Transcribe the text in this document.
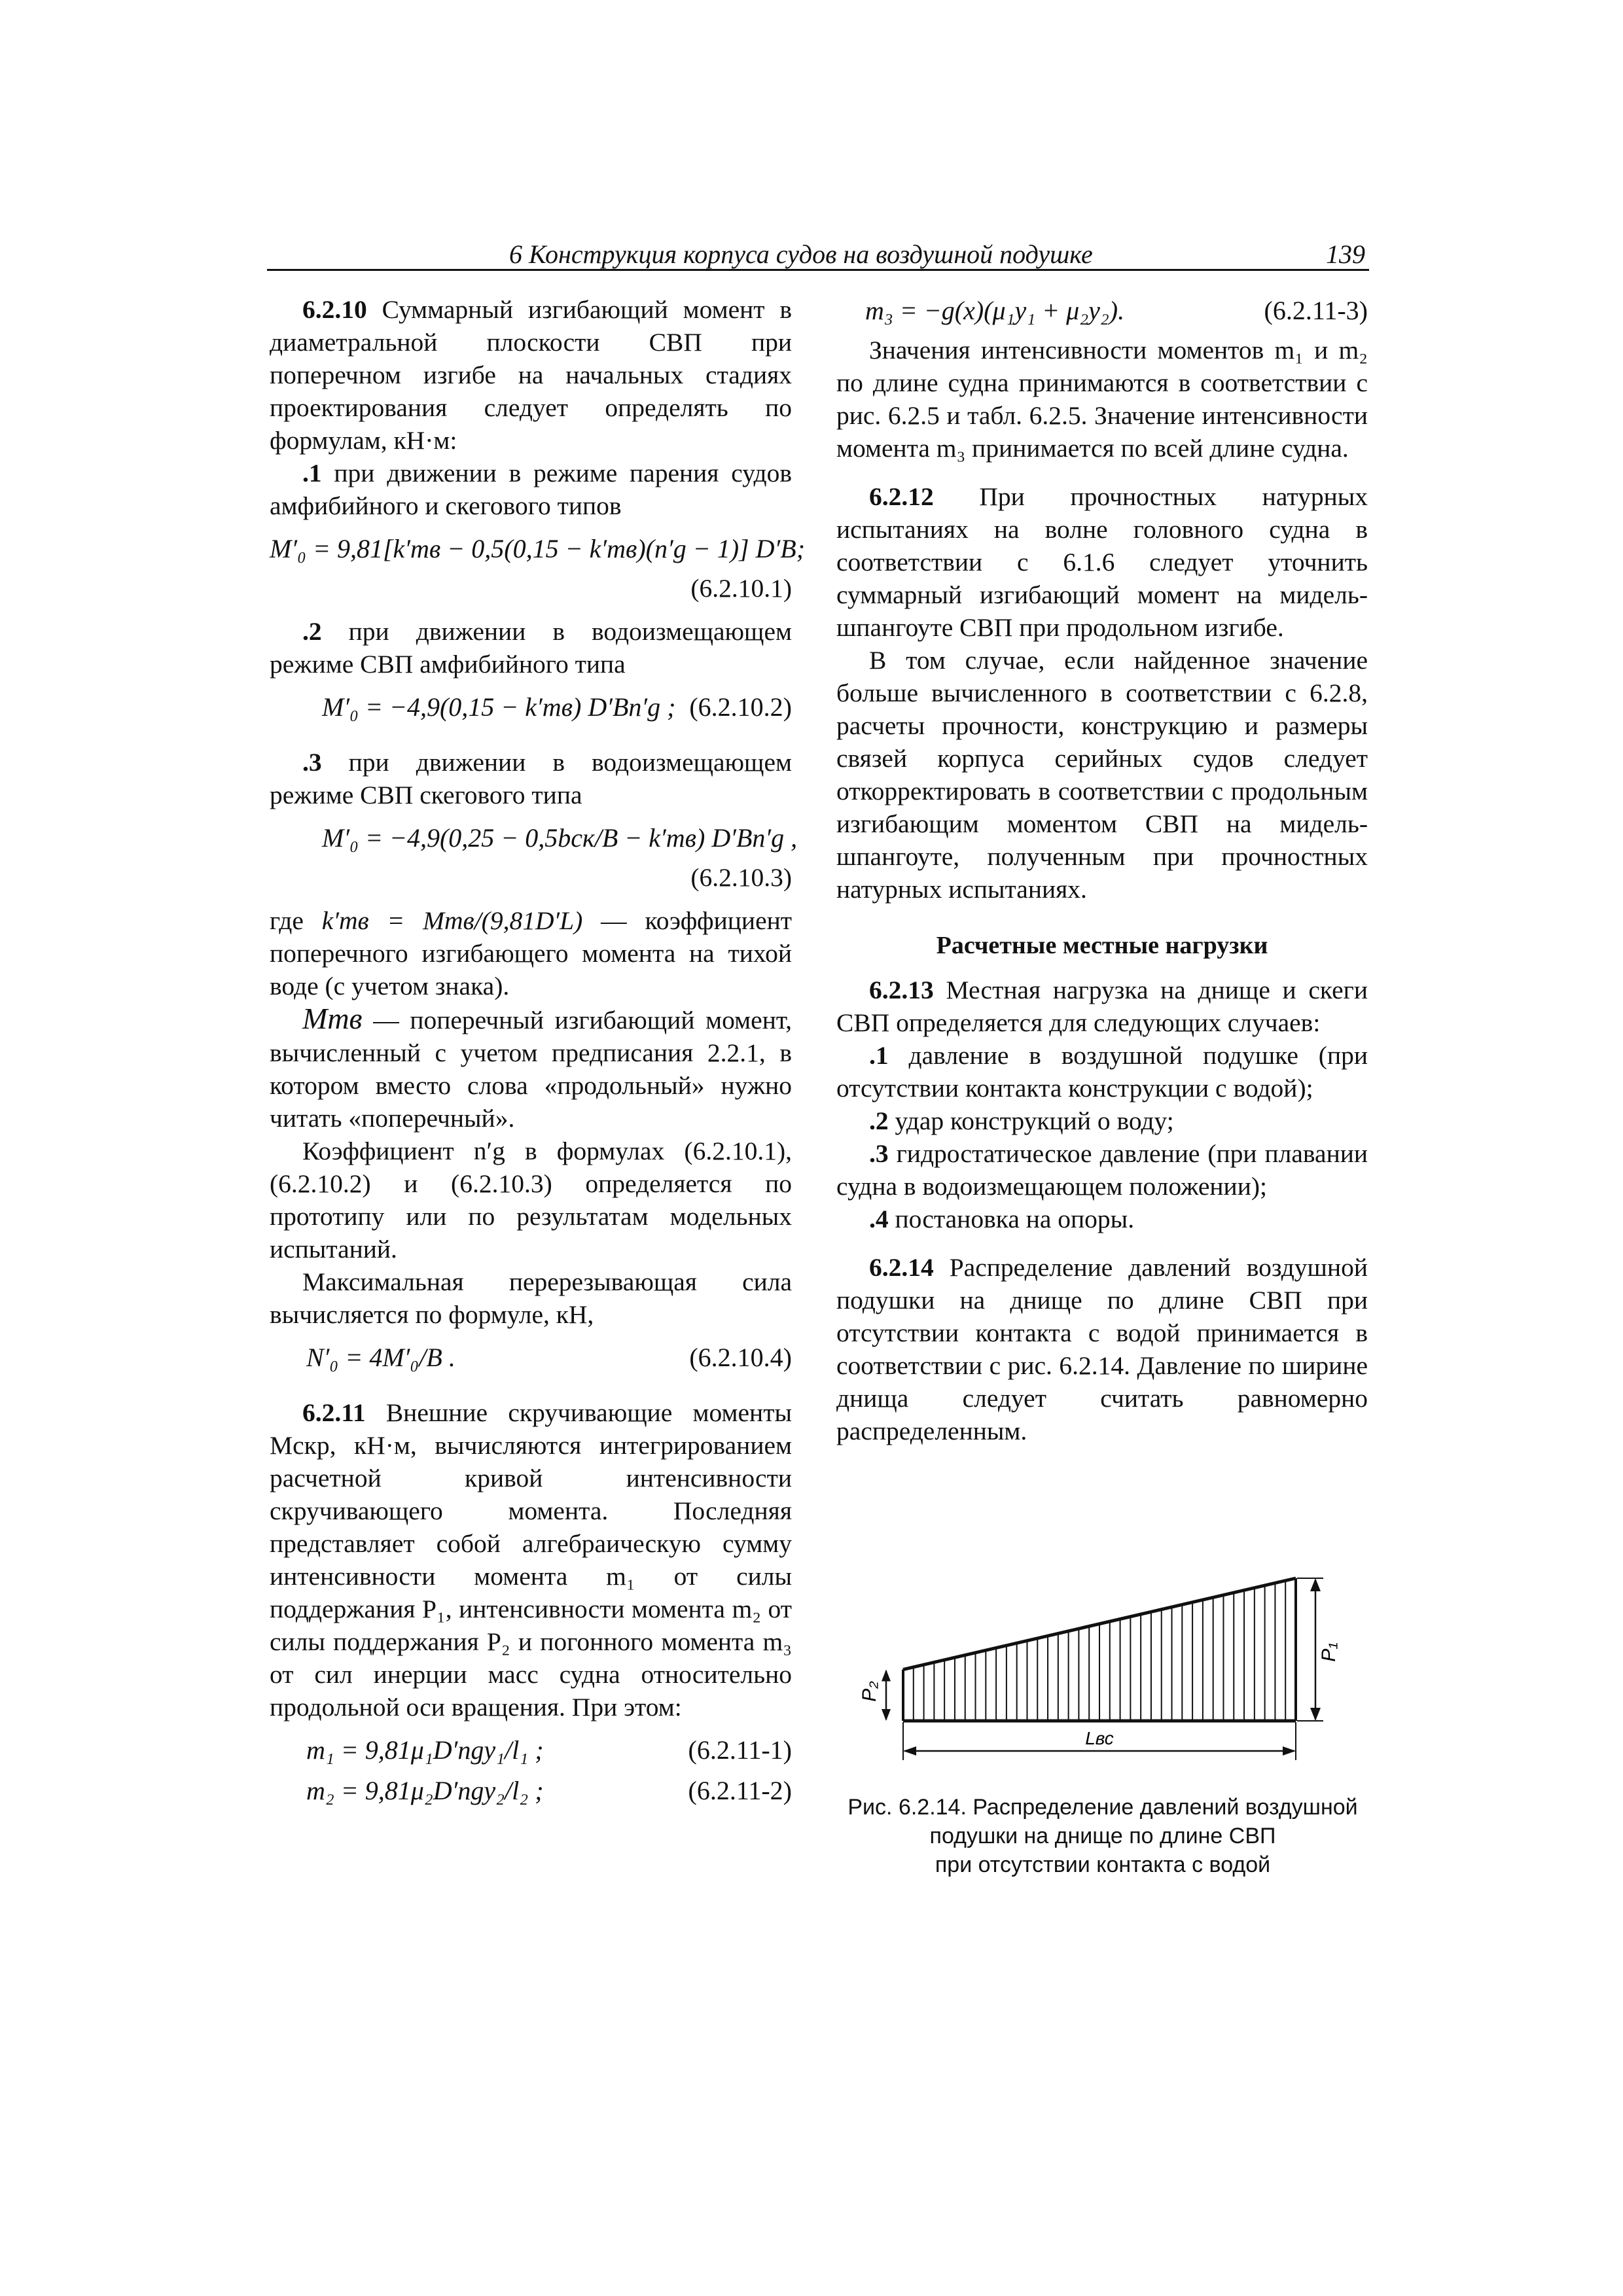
6 Конструкция корпуса судов на воздушной подушке	139

6.2.10 Суммарный изгибающий момент в диаметральной плоскости СВП при поперечном изгибе на начальных стадиях проектирования следует определять по формулам, кН·м:

.1 при движении в режиме парения судов амфибийного и скегового типов

M′₀ = 9,81[k′тв − 0,5(0,15 − k′тв)(n′g − 1)] D′B;
(6.2.10.1)

.2 при движении в водоизмещающем режиме СВП амфибийного типа

M′₀ = −4,9(0,15 − k′тв) D′Bn′g ; (6.2.10.2)

.3 при движении в водоизмещающем режиме СВП скегового типа

M′₀ = −4,9(0,25 − 0,5bск/B − k′тв) D′Bn′g ,
(6.2.10.3)

где k′тв = Mтв/(9,81D′L) — коэффициент поперечного изгибающего момента на тихой воде (с учетом знака).

Mтв — поперечный изгибающий момент, вычисленный с учетом предписания 2.2.1, в котором вместо слова «продольный» нужно читать «поперечный».

Коэффициент n′g в формулах (6.2.10.1), (6.2.10.2) и (6.2.10.3) определяется по прототипу или по результатам модельных испытаний.

Максимальная перерезывающая сила вычисляется по формуле, кН,

N′₀ = 4M′₀/B .	(6.2.10.4)

6.2.11 Внешние скручивающие моменты Mскр, кН·м, вычисляются интегрированием расчетной кривой интенсивности скручивающего момента. Последняя представляет собой алгебраическую сумму интенсивности момента m₁ от силы поддержания P₁, интенсивности момента m₂ от силы поддержания P₂ и погонного момента m₃ от сил инерции масс судна относительно продольной оси вращения. При этом:

m₁ = 9,81μ₁D′ngy₁/l₁ ;	(6.2.11-1)
m₂ = 9,81μ₂D′ngy₂/l₂ ;	(6.2.11-2)
m₃ = −g(x)(μ₁y₁ + μ₂y₂).	(6.2.11-3)

Значения интенсивности моментов m₁ и m₂ по длине судна принимаются в соответствии с рис. 6.2.5 и табл. 6.2.5. Значение интенсивности момента m₃ принимается по всей длине судна.

6.2.12 При прочностных натурных испытаниях на волне головного судна в соответствии с 6.1.6 следует уточнить суммарный изгибающий момент на мидель-шпангоуте СВП при продольном изгибе.

В том случае, если найденное значение больше вычисленного в соответствии с 6.2.8, расчеты прочности, конструкцию и размеры связей корпуса серийных судов следует откорректировать в соответствии с продольным изгибающим моментом СВП на мидель-шпангоуте, полученным при прочностных натурных испытаниях.

Расчетные местные нагрузки

6.2.13 Местная нагрузка на днище и скеги СВП определяется для следующих случаев:

.1 давление в воздушной подушке (при отсутствии контакта конструкции с водой);

.2 удар конструкций о воду;

.3 гидростатическое давление (при плавании судна в водоизмещающем положении);

.4 постановка на опоры.

6.2.14 Распределение давлений воздушной подушки на днище по длине СВП при отсутствии контакта с водой принимается в соответствии с рис. 6.2.14. Давление по ширине днища следует считать равномерно распределенным.

P₁
P₂
Lвс
Рис. 6.2.14. Распределение давлений воздушной
подушки на днище по длине СВП
при отсутствии контакта с водой
